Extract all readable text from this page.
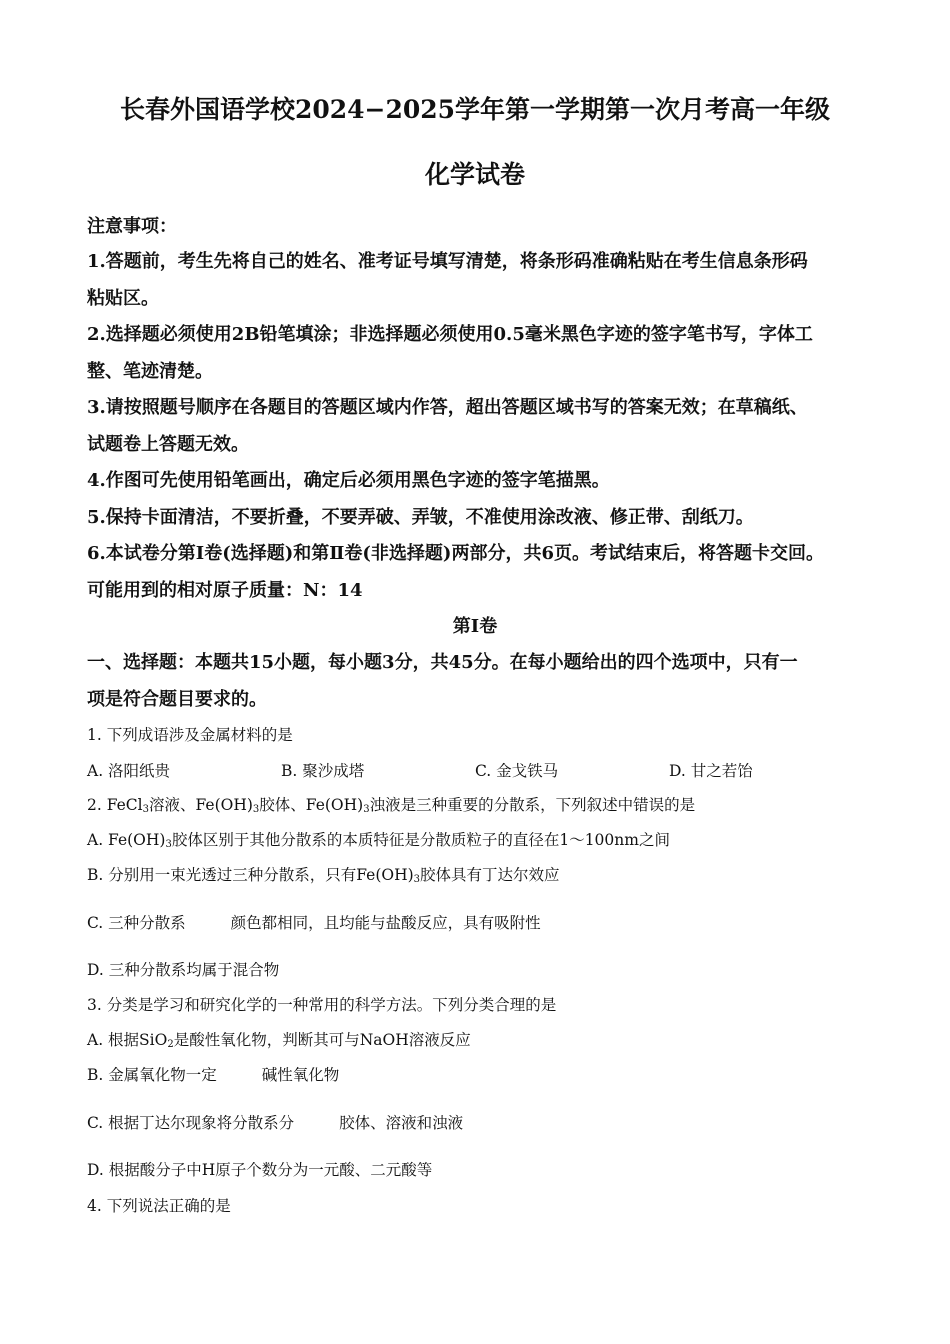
长春外国语学校2024−2025学年第一学期第一次月考高一年级
化学试卷
注意事项：
1.答题前，考生先将自己的姓名、准考证号填写清楚，将条形码准确粘贴在考生信息条形码
粘贴区。
2.选择题必须使用2B铅笔填涂；非选择题必须使用0.5毫米黑色字迹的签字笔书写，字体工
整、笔迹清楚。
3.请按照题号顺序在各题目的答题区域内作答，超出答题区域书写的答案无效；在草稿纸、
试题卷上答题无效。
4.作图可先使用铅笔画出，确定后必须用黑色字迹的签字笔描黑。
5.保持卡面清洁，不要折叠，不要弄破、弄皱，不准使用涂改液、修正带、刮纸刀。
6.本试卷分第Ⅰ卷(选择题)和第Ⅱ卷(非选择题)两部分，共6页。考试结束后，将答题卡交回。
可能用到的相对原子质量：N：14
第Ⅰ卷
一、选择题：本题共15小题，每小题3分，共45分。在每小题给出的四个选项中，只有一
项是符合题目要求的。
1. 下列成语涉及金属材料的是
A. 洛阳纸贵	B. 聚沙成塔	C. 金戈铁马	D. 甘之若饴
2. FeCl$_3$溶液、$Fe(OH)_3$胶体、$Fe(OH)_3$浊液是三种重要的分散系，下列叙述中错误的是
A. $Fe(OH)_3$胶体区别于其他分散系的本质特征是分散质粒子的直径在1～100nm之间
B. 分别用一束光透过三种分散系，只有$Fe(OH)_3$胶体具有丁达尔效应
C. 三种分散系	颜色都相同，且均能与盐酸反应，具有吸附性
D. 三种分散系均属于混合物
3. 分类是学习和研究化学的一种常用的科学方法。下列分类合理的是
A. 根据SiO$_2$是酸性氧化物，判断其可与NaOH溶液反应
B. 金属氧化物一定	碱性氧化物
C. 根据丁达尔现象将分散系分	胶体、溶液和浊液
D. 根据酸分子中H原子个数分为一元酸、二元酸等
4. 下列说法正确的是
